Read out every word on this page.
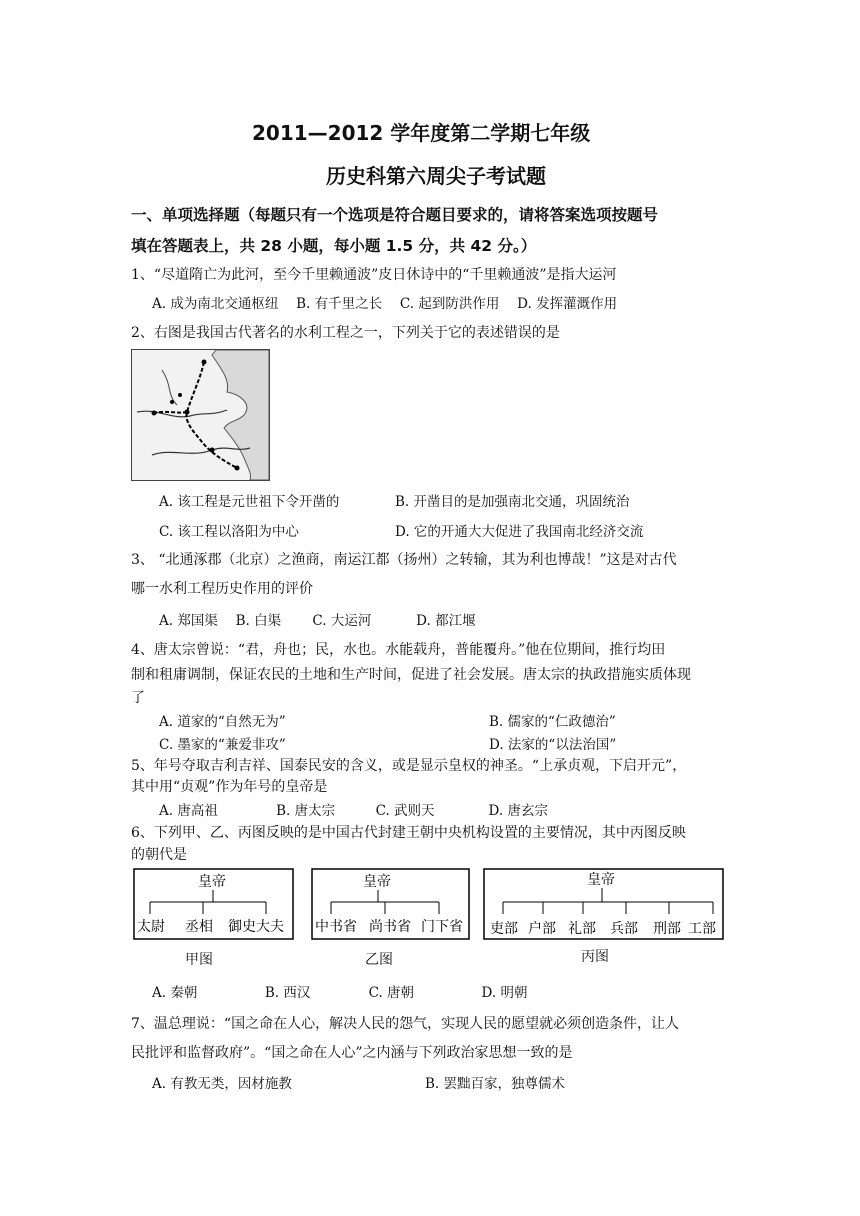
2011—2012 学年度第二学期七年级
历史科第六周尖子考试题
一、单项选择题（每题只有一个选项是符合题目要求的，请将答案选项按题号
填在答题表上，共 28 小题，每小题 1.5 分，共 42 分。）
1、“尽道隋亡为此河，至今千里赖通波”皮日休诗中的“千里赖通波”是指大运河
A. 成为南北交通枢纽　 B. 有千里之长　 C. 起到防洪作用　 D. 发挥灌溉作用
2、右图是我国古代著名的水利工程之一，下列关于它的表述错误的是
A. 该工程是元世祖下令开凿的	B. 开凿目的是加强南北交通，巩固统治
C. 该工程以洛阳为中心	D. 它的开通大大促进了我国南北经济交流
3、 “北通涿郡（北京）之渔商，南运江都（扬州）之转输，其为利也博哉！”这是对古代
哪一水利工程历史作用的评价
A. 郑国渠　 B. 白渠　　 C. 大运河　　　 D. 都江堰
4、唐太宗曾说：“君，舟也；民，水也。水能载舟，普能覆舟。”他在位期间，推行均田
制和租庸调制，保证农民的土地和生产时间，促进了社会发展。唐太宗的执政措施实质体现
了
A. 道家的“自然无为”	B. 儒家的“仁政德治”
C. 墨家的“兼爱非攻”	D. 法家的“以法治国”
5、年号夺取吉利吉祥、国泰民安的含义，或是显示皇权的神圣。“上承贞观，下启开元”，
其中用“贞观”作为年号的皇帝是
A. 唐高祖　　　　 B. 唐太宗　　　C. 武则天　　　　D. 唐玄宗
6、下列甲、乙、丙图反映的是中国古代封建王朝中央机构设置的主要情况，其中丙图反映
的朝代是
皇帝
太尉 丞相 御史大夫
甲图
皇帝
中书省 尚书省 门下省
乙图
皇帝
吏部 户部 礼部 兵部 刑部 工部
丙图
A. 秦朝　　　　　B. 西汉　　　　 C. 唐朝　　　　　D. 明朝
7、温总理说：“国之命在人心，解决人民的怨气，实现人民的愿望就必须创造条件，让人
民批评和监督政府”。“国之命在人心”之内涵与下列政治家思想一致的是
A. 有教无类，因材施教	B. 罢黜百家，独尊儒术
